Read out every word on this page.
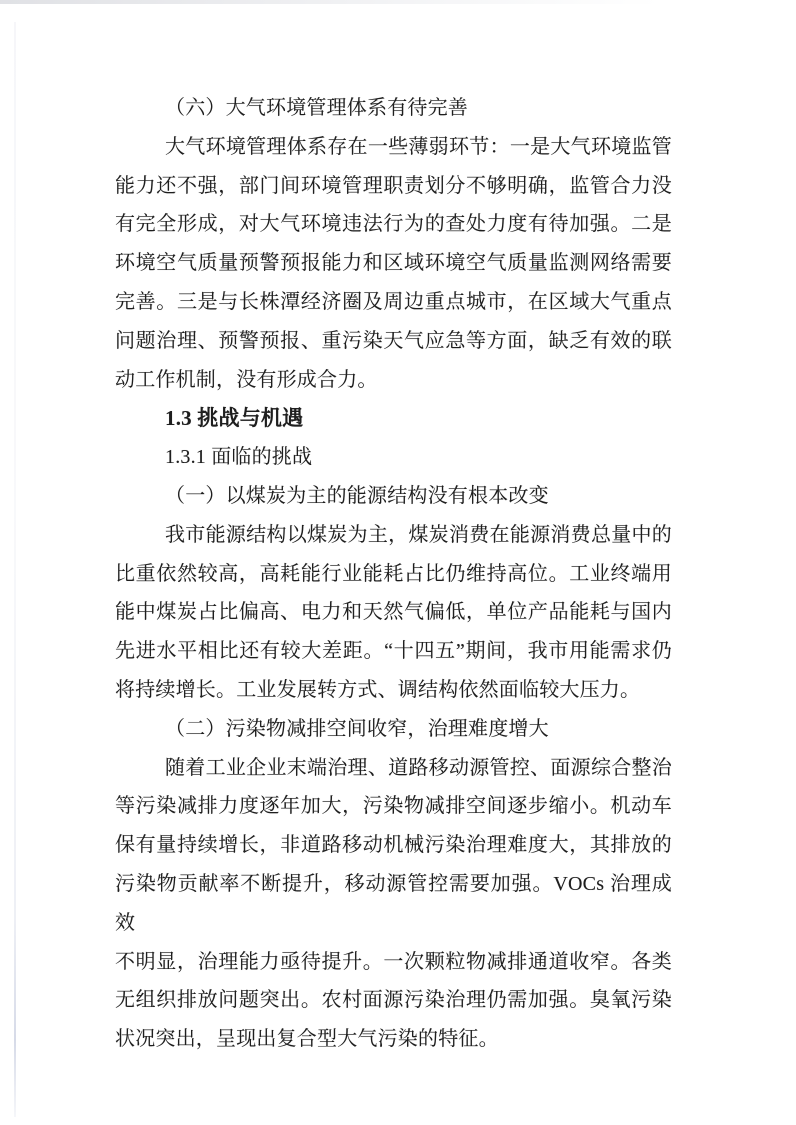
（六）大气环境管理体系有待完善
大气环境管理体系存在一些薄弱环节：一是大气环境监管
能力还不强，部门间环境管理职责划分不够明确，监管合力没
有完全形成，对大气环境违法行为的查处力度有待加强。二是
环境空气质量预警预报能力和区域环境空气质量监测网络需要
完善。三是与长株潭经济圈及周边重点城市，在区域大气重点
问题治理、预警预报、重污染天气应急等方面，缺乏有效的联
动工作机制，没有形成合力。
1.3 挑战与机遇
1.3.1 面临的挑战
（一）以煤炭为主的能源结构没有根本改变
我市能源结构以煤炭为主，煤炭消费在能源消费总量中的
比重依然较高，高耗能行业能耗占比仍维持高位。工业终端用
能中煤炭占比偏高、电力和天然气偏低，单位产品能耗与国内
先进水平相比还有较大差距。“十四五”期间，我市用能需求仍
将持续增长。工业发展转方式、调结构依然面临较大压力。
（二）污染物减排空间收窄，治理难度增大
随着工业企业末端治理、道路移动源管控、面源综合整治
等污染减排力度逐年加大，污染物减排空间逐步缩小。机动车
保有量持续增长，非道路移动机械污染治理难度大，其排放的
污染物贡献率不断提升，移动源管控需要加强。VOCs 治理成效
不明显，治理能力亟待提升。一次颗粒物减排通道收窄。各类
无组织排放问题突出。农村面源污染治理仍需加强。臭氧污染
状况突出，呈现出复合型大气污染的特征。
